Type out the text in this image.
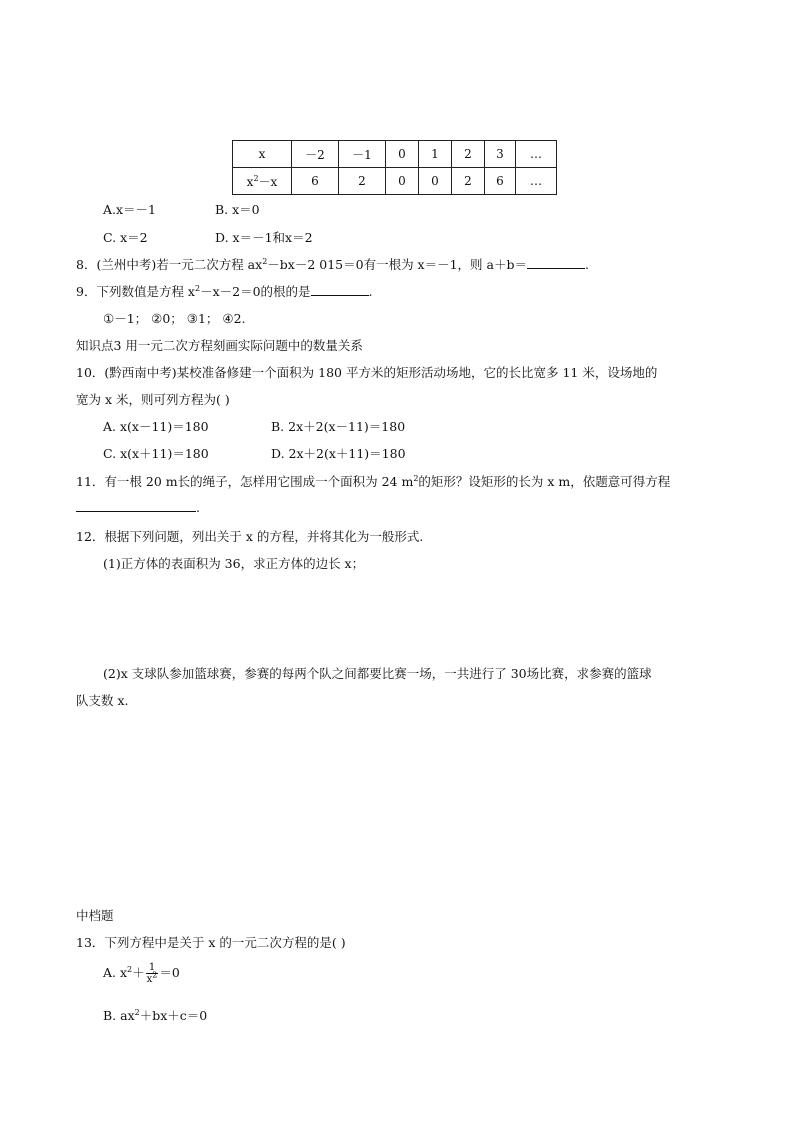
x	－2	－1	0	1	2	3	…
$x^2-x$	6	2	0	0	2	6	…
A.x＝－1	B. x＝0
C. x＝2	D. x＝－1和x＝2
8．(兰州中考)若一元二次方程 $ax^2-bx-2$ 015＝0有一根为 x＝－1，则 a＋b＝	.
9．下列数值是方程 $x^2-x-2=0$的根的是	.
①－1； ②0； ③1； ④2.
知识点3 用一元二次方程刻画实际问题中的数量关系
10．(黔西南中考)某校准备修建一个面积为 180 平方米的矩形活动场地，它的长比宽多 11 米，设场地的
宽为 x 米，则可列方程为( )
A. x(x－11)＝180	B. 2x＋2(x－11)＝180
C. x(x＋11)＝180	D. 2x＋2(x＋11)＝180
11．有一根 20 m长的绳子，怎样用它围成一个面积为 24 $m^2$的矩形？设矩形的长为 x m，依题意可得方程
.
12．根据下列问题，列出关于 x 的方程，并将其化为一般形式.
(1)正方体的表面积为 36，求正方体的边长 x；
(2)x 支球队参加篮球赛，参赛的每两个队之间都要比赛一场，一共进行了 30场比赛，求参赛的篮球
队支数 x.
中档题
13．下列方程中是关于 x 的一元二次方程的是( )
A. $x^2+ \frac{1}{x^2} =0$
B. $ax^2+bx+c=0$
